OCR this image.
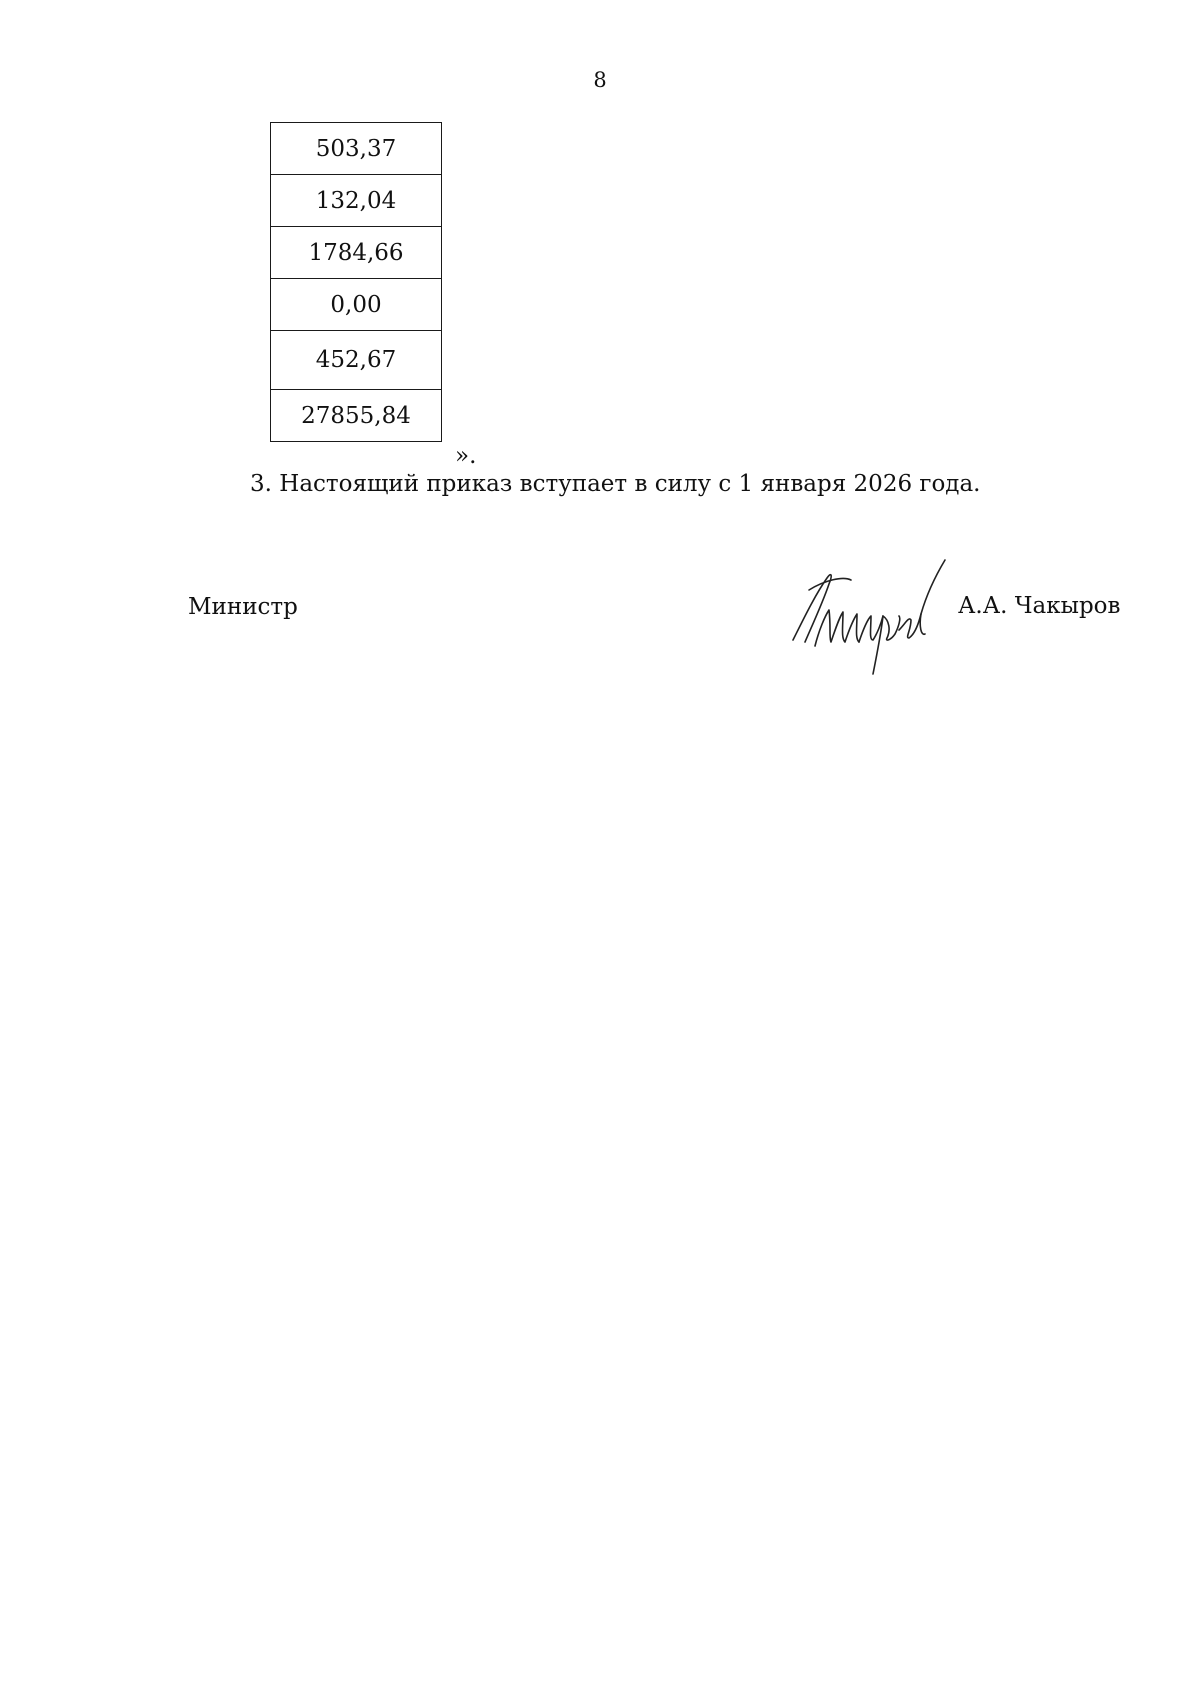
8
503,37
132,04
1784,66
0,00
452,67
27855,84
».
3. Настоящий приказ вступает в силу с 1 января 2026 года.
Министр	А.А. Чакыров
